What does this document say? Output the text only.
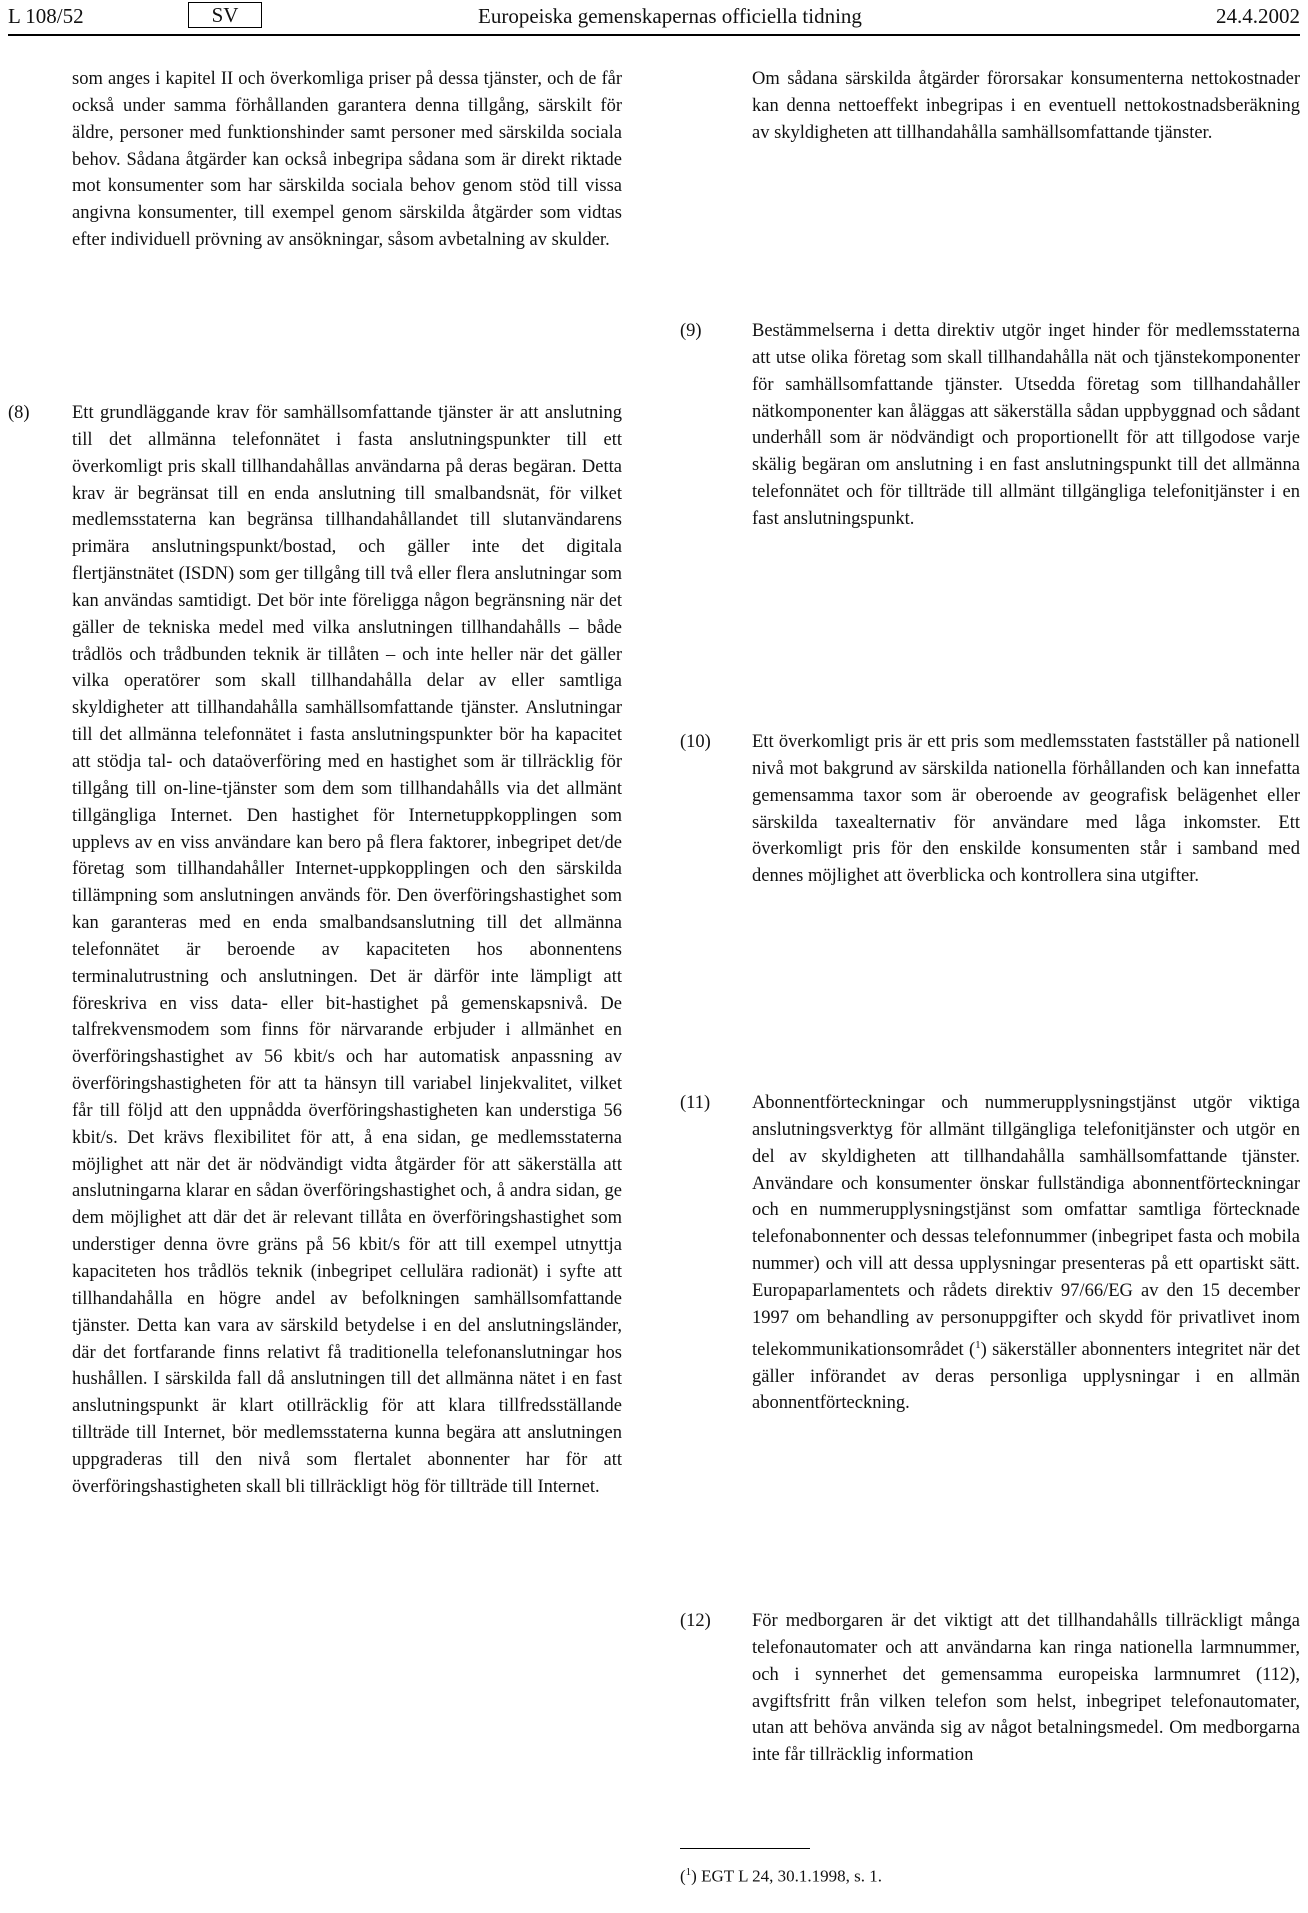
L 108/52	SV	Europeiska gemenskapernas officiella tidning	24.4.2002
som anges i kapitel II och överkomliga priser på dessa tjänster, och de får också under samma förhållanden garantera denna tillgång, särskilt för äldre, personer med funktionshinder samt personer med särskilda sociala behov. Sådana åtgärder kan också inbegripa sådana som är direkt riktade mot konsumenter som har särskilda sociala behov genom stöd till vissa angivna konsumenter, till exempel genom särskilda åtgärder som vidtas efter individuell prövning av ansökningar, såsom avbetalning av skulder.
(8) Ett grundläggande krav för samhällsomfattande tjänster är att anslutning till det allmänna telefonnätet i fasta anslutningspunkter till ett överkomligt pris skall tillhandahållas användarna på deras begäran. Detta krav är begränsat till en enda anslutning till smalbandsnät, för vilket medlemsstaterna kan begränsa tillhandahållandet till slutanvändarens primära anslutningspunkt/bostad, och gäller inte det digitala flertjänstnätet (ISDN) som ger tillgång till två eller flera anslutningar som kan användas samtidigt. Det bör inte föreligga någon begränsning när det gäller de tekniska medel med vilka anslutningen tillhandahålls – både trådlös och trådbunden teknik är tillåten – och inte heller när det gäller vilka operatörer som skall tillhandahålla delar av eller samtliga skyldigheter att tillhandahålla samhällsomfattande tjänster. Anslutningar till det allmänna telefonnätet i fasta anslutningspunkter bör ha kapacitet att stödja tal- och dataöverföring med en hastighet som är tillräcklig för tillgång till on-line-tjänster som dem som tillhandahålls via det allmänt tillgängliga Internet. Den hastighet för Internetuppkopplingen som upplevs av en viss användare kan bero på flera faktorer, inbegripet det/de företag som tillhandahåller Internet-uppkopplingen och den särskilda tillämpning som anslutningen används för. Den överföringshastighet som kan garanteras med en enda smalbandsanslutning till det allmänna telefonnätet är beroende av kapaciteten hos abonnentens terminalutrustning och anslutningen. Det är därför inte lämpligt att föreskriva en viss data- eller bit-hastighet på gemenskapsnivå. De talfrekvensmodem som finns för närvarande erbjuder i allmänhet en överföringshastighet av 56 kbit/s och har automatisk anpassning av överföringshastigheten för att ta hänsyn till variabel linjekvalitet, vilket får till följd att den uppnådda överföringshastigheten kan understiga 56 kbit/s. Det krävs flexibilitet för att, å ena sidan, ge medlemsstaterna möjlighet att när det är nödvändigt vidta åtgärder för att säkerställa att anslutningarna klarar en sådan överföringshastighet och, å andra sidan, ge dem möjlighet att där det är relevant tillåta en överföringshastighet som understiger denna övre gräns på 56 kbit/s för att till exempel utnyttja kapaciteten hos trådlös teknik (inbegripet cellulära radionät) i syfte att tillhandahålla en högre andel av befolkningen samhällsomfattande tjänster. Detta kan vara av särskild betydelse i en del anslutningsländer, där det fortfarande finns relativt få traditionella telefonanslutningar hos hushållen. I särskilda fall då anslutningen till det allmänna nätet i en fast anslutningspunkt är klart otillräcklig för att klara tillfredsställande tillträde till Internet, bör medlemsstaterna kunna begära att anslutningen uppgraderas till den nivå som flertalet abonnenter har för att överföringshastigheten skall bli tillräckligt hög för tillträde till Internet.
Om sådana särskilda åtgärder förorsakar konsumenterna nettokostnader kan denna nettoeffekt inbegripas i en eventuell nettokostnadsberäkning av skyldigheten att tillhandahålla samhällsomfattande tjänster.
(9)	Bestämmelserna i detta direktiv utgör inget hinder för medlemsstaterna att utse olika företag som skall tillhandahålla nät och tjänstekomponenter för samhällsomfattande tjänster. Utsedda företag som tillhandahåller nätkomponenter kan åläggas att säkerställa sådan uppbyggnad och sådant underhåll som är nödvändigt och proportionellt för att tillgodose varje skälig begäran om anslutning i en fast anslutningspunkt till det allmänna telefonnätet och för tillträde till allmänt tillgängliga telefonitjänster i en fast anslutningspunkt.
(10) Ett överkomligt pris är ett pris som medlemsstaten fastställer på nationell nivå mot bakgrund av särskilda nationella förhållanden och kan innefatta gemensamma taxor som är oberoende av geografisk belägenhet eller särskilda taxealternativ för användare med låga inkomster. Ett överkomligt pris för den enskilde konsumenten står i samband med dennes möjlighet att överblicka och kontrollera sina utgifter.
(11) Abonnentförteckningar och nummerupplysningstjänst utgör viktiga anslutningsverktyg för allmänt tillgängliga telefonitjänster och utgör en del av skyldigheten att tillhandahålla samhällsomfattande tjänster. Användare och konsumenter önskar fullständiga abonnentförteckningar och en nummerupplysningstjänst som omfattar samtliga förtecknade telefonabonnenter och dessas telefonnummer (inbegripet fasta och mobila nummer) och vill att dessa upplysningar presenteras på ett opartiskt sätt. Europaparlamentets och rådets direktiv 97/66/EG av den 15 december 1997 om behandling av personuppgifter och skydd för privatlivet inom telekommunikationsområdet ($^1$) säkerställer abonnenters integritet när det gäller införandet av deras personliga upplysningar i en allmän abonnentförteckning.
(12) För medborgaren är det viktigt att det tillhandahålls tillräckligt många telefonautomater och att användarna kan ringa nationella larmnummer, och i synnerhet det gemensamma europeiska larmnumret (112), avgiftsfritt från vilken telefon som helst, inbegripet telefonautomater, utan att behöva använda sig av något betalningsmedel. Om medborgarna inte får tillräcklig information
($^1$) EGT L 24, 30.1.1998, s. 1.
